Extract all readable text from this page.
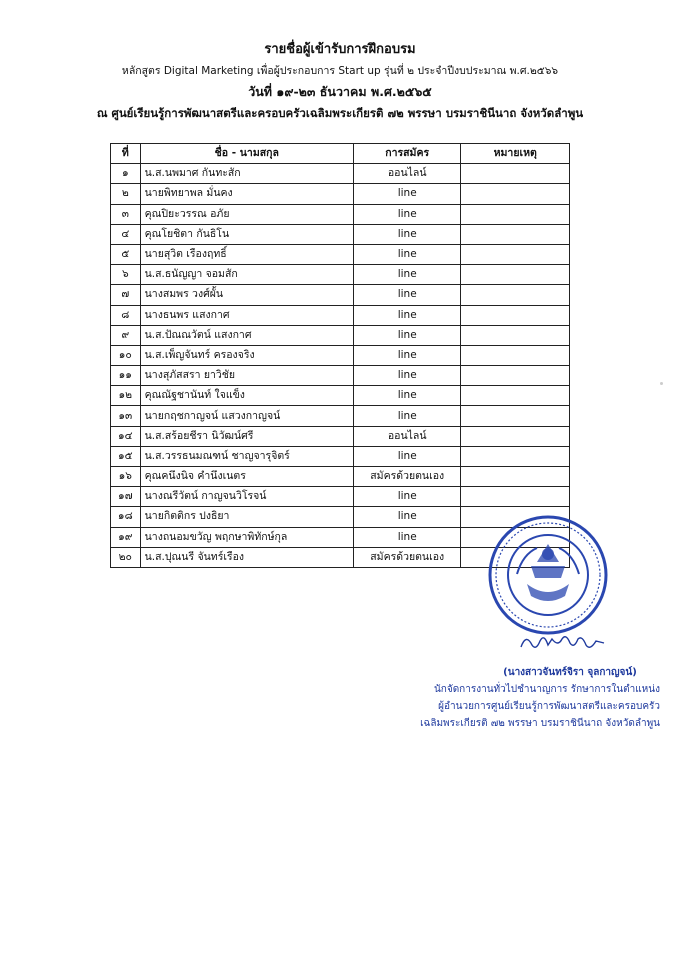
รายชื่อผู้เข้ารับการฝึกอบรม
หลักสูตร Digital Marketing เพื่อผู้ประกอบการ Start up รุ่นที่ ๒ ประจำปีงบประมาณ พ.ศ.๒๕๖๖
วันที่ ๑๙-๒๓ ธันวาคม พ.ศ.๒๕๖๕
ณ ศูนย์เรียนรู้การพัฒนาสตรีและครอบครัวเฉลิมพระเกียรติ ๗๒ พรรษา บรมราชินีนาถ จังหวัดลำพูน
ที่	ชื่อ - นามสกุล	การสมัคร	หมายเหตุ
๑	น.ส.นพมาศ กันทะสัก	ออนไลน์	
๒	นายพิทยาพล มั่นคง	line	
๓	คุณปิยะวรรณ อภัย	line	
๔	คุณโยชิตา กันธิโน	line	
๕	นายสุวิต เรืองฤทธิ์	line	
๖	น.ส.ธนัญญา จอมสัก	line	
๗	นางสมพร วงศ์ผั้น	line	
๘	นางธนพร แสงกาศ	line	
๙	น.ส.ปัณณวัตน์ แสงกาศ	line	
๑๐	น.ส.เพ็ญจันทร์ ครองจริง	line	
๑๑	นางสุภัสสรา ยาวิชัย	line	
๑๒	คุณณัฐชานันท์ ใจแข็ง	line	
๑๓	นายกฤชกาญจน์ แสวงกาญจน์	line	
๑๔	น.ส.สร้อยชีรา นิวัฒน์ศรี	ออนไลน์	
๑๕	น.ส.วรรธนมณฑน์ ชาญจารุจิตร์	line	
๑๖	คุณคนึงนิจ คำนึงเนตร	สมัครด้วยตนเอง	
๑๗	นางณรีวัตน์ กาญจนวิโรจน์	line	
๑๘	นายกิตติกร ปงธิยา	line	
๑๙	นางถนอมขวัญ พฤกษาพิทักษ์กุล	line	
๒๐	น.ส.ปุณนรี จันทร์เรือง	สมัครด้วยตนเอง	
(นางสาวจันทร์จิรา จุลกาญจน์)
นักจัดการงานทั่วไปชำนาญการ รักษาการในตำแหน่ง
ผู้อำนวยการศูนย์เรียนรู้การพัฒนาสตรีและครอบครัว
เฉลิมพระเกียรติ ๗๒ พรรษา บรมราชินีนาถ จังหวัดลำพูน
